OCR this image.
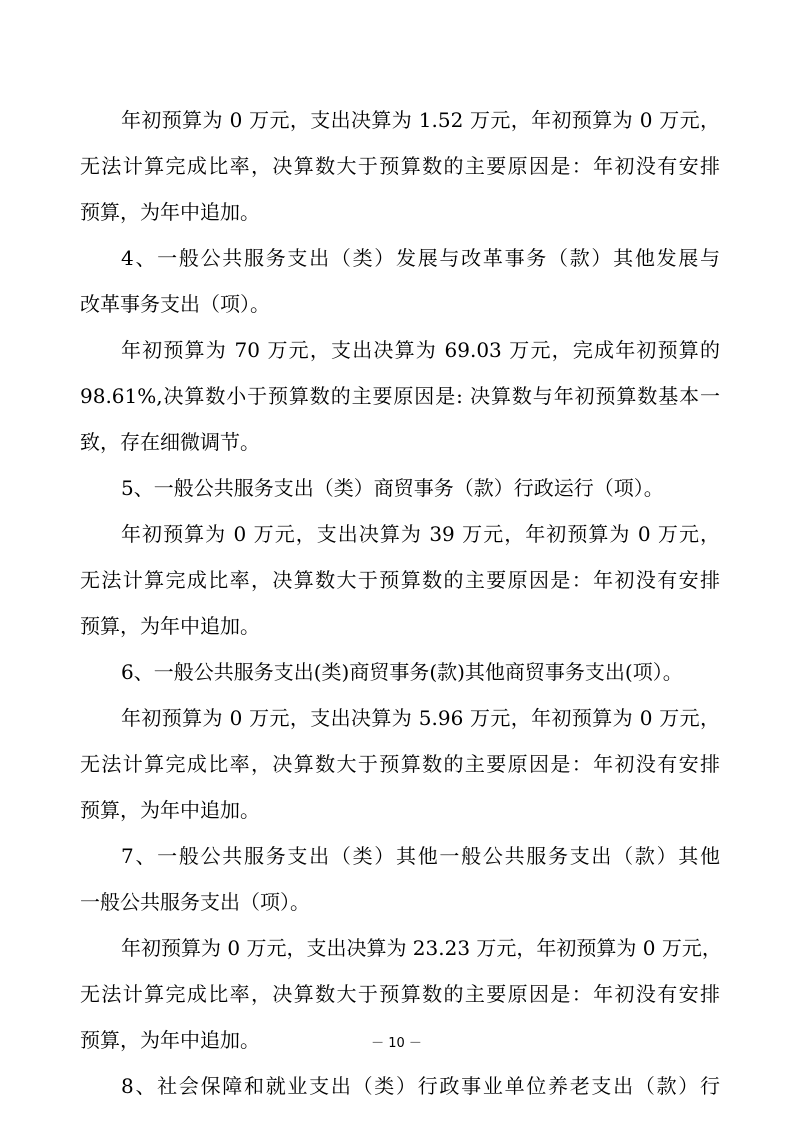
年初预算为 0 万元，支出决算为 1.52 万元，年初预算为 0 万元，
无法计算完成比率，决算数大于预算数的主要原因是：年初没有安排
预算，为年中追加。
4、一般公共服务支出（类）发展与改革事务（款）其他发展与
改革事务支出（项）。
年初预算为 70 万元，支出决算为 69.03 万元，完成年初预算的
98.61%,决算数小于预算数的主要原因是: 决算数与年初预算数基本一
致，存在细微调节。
5、一般公共服务支出（类）商贸事务（款）行政运行（项）。
年初预算为 0 万元，支出决算为 39 万元，年初预算为 0 万元，
无法计算完成比率，决算数大于预算数的主要原因是：年初没有安排
预算，为年中追加。
6、一般公共服务支出(类)商贸事务(款)其他商贸事务支出(项）。
年初预算为 0 万元，支出决算为 5.96 万元，年初预算为 0 万元，
无法计算完成比率，决算数大于预算数的主要原因是：年初没有安排
预算，为年中追加。
7、一般公共服务支出（类）其他一般公共服务支出（款）其他
一般公共服务支出（项）。
年初预算为 0 万元，支出决算为 23.23 万元，年初预算为 0 万元，
无法计算完成比率，决算数大于预算数的主要原因是：年初没有安排
预算，为年中追加。
8、社会保障和就业支出（类）行政事业单位养老支出（款）行
－ 10 －
